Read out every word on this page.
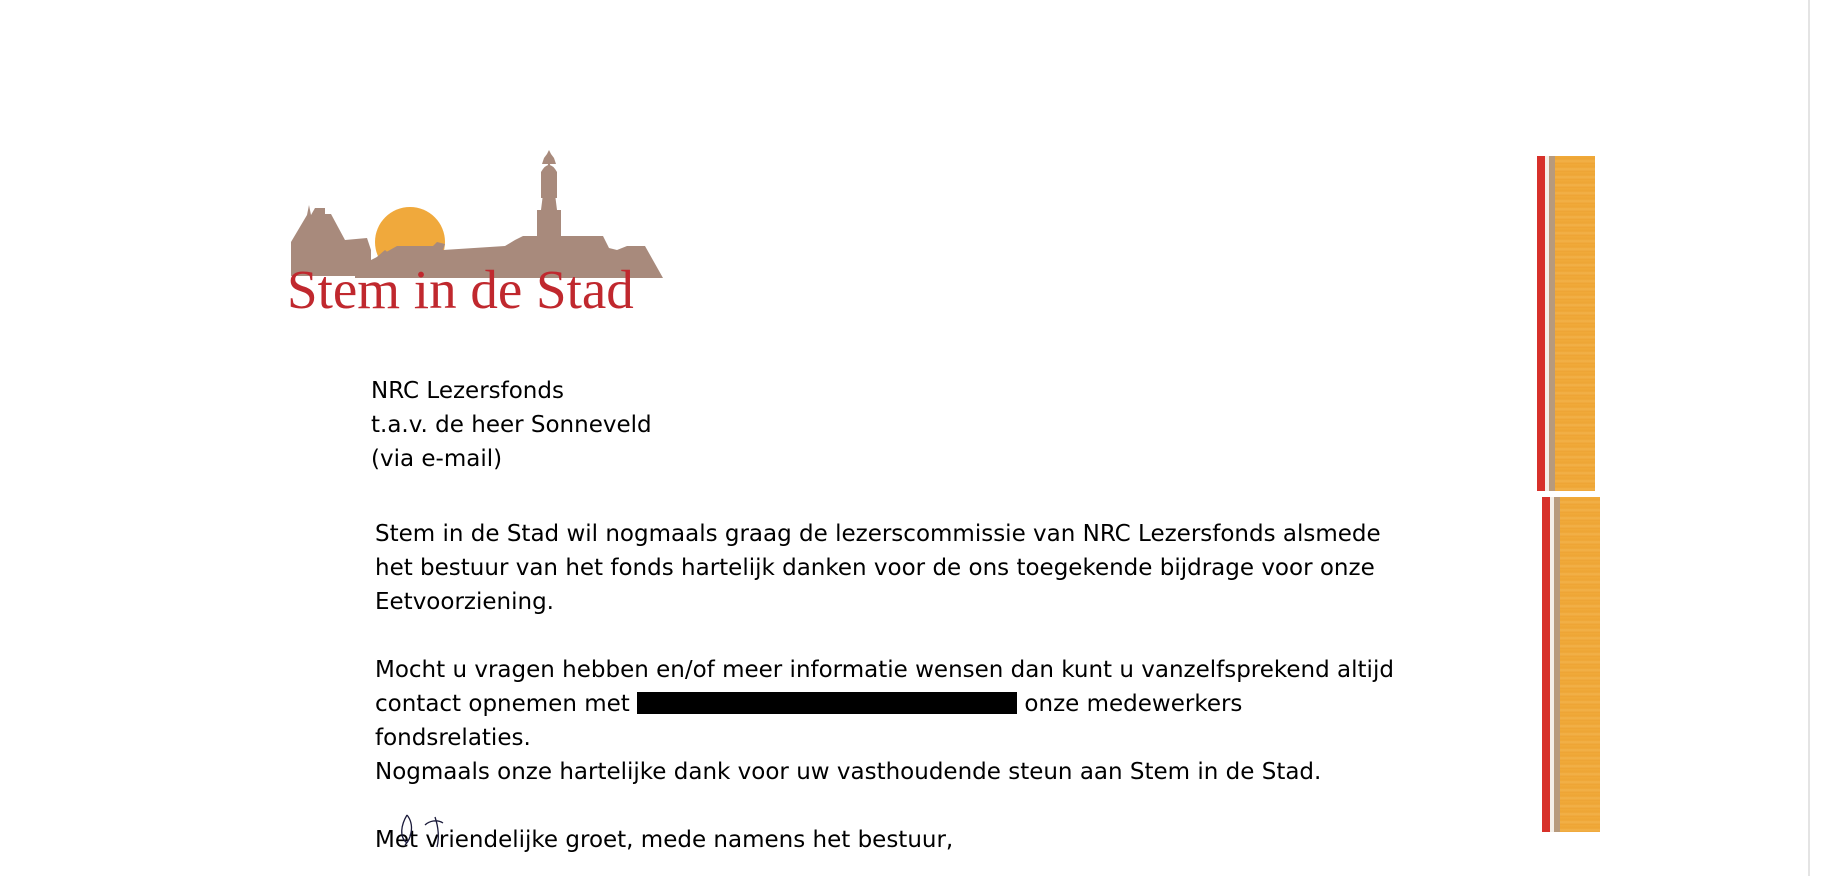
Stem in de Stad
NRC Lezersfonds
t.a.v. de heer Sonneveld
(via e-mail)

Stem in de Stad wil nogmaals graag de lezerscommissie van NRC Lezersfonds alsmede het bestuur van het fonds hartelijk danken voor de ons toegekende bijdrage voor onze Eetvoorziening.

Mocht u vragen hebben en/of meer informatie wensen dan kunt u vanzelfsprekend altijd contact opnemen met	onze medewerkers fondsrelaties.
Nogmaals onze hartelijke dank voor uw vasthoudende steun aan Stem in de Stad.

Met vriendelijke groet, mede namens het bestuur,
